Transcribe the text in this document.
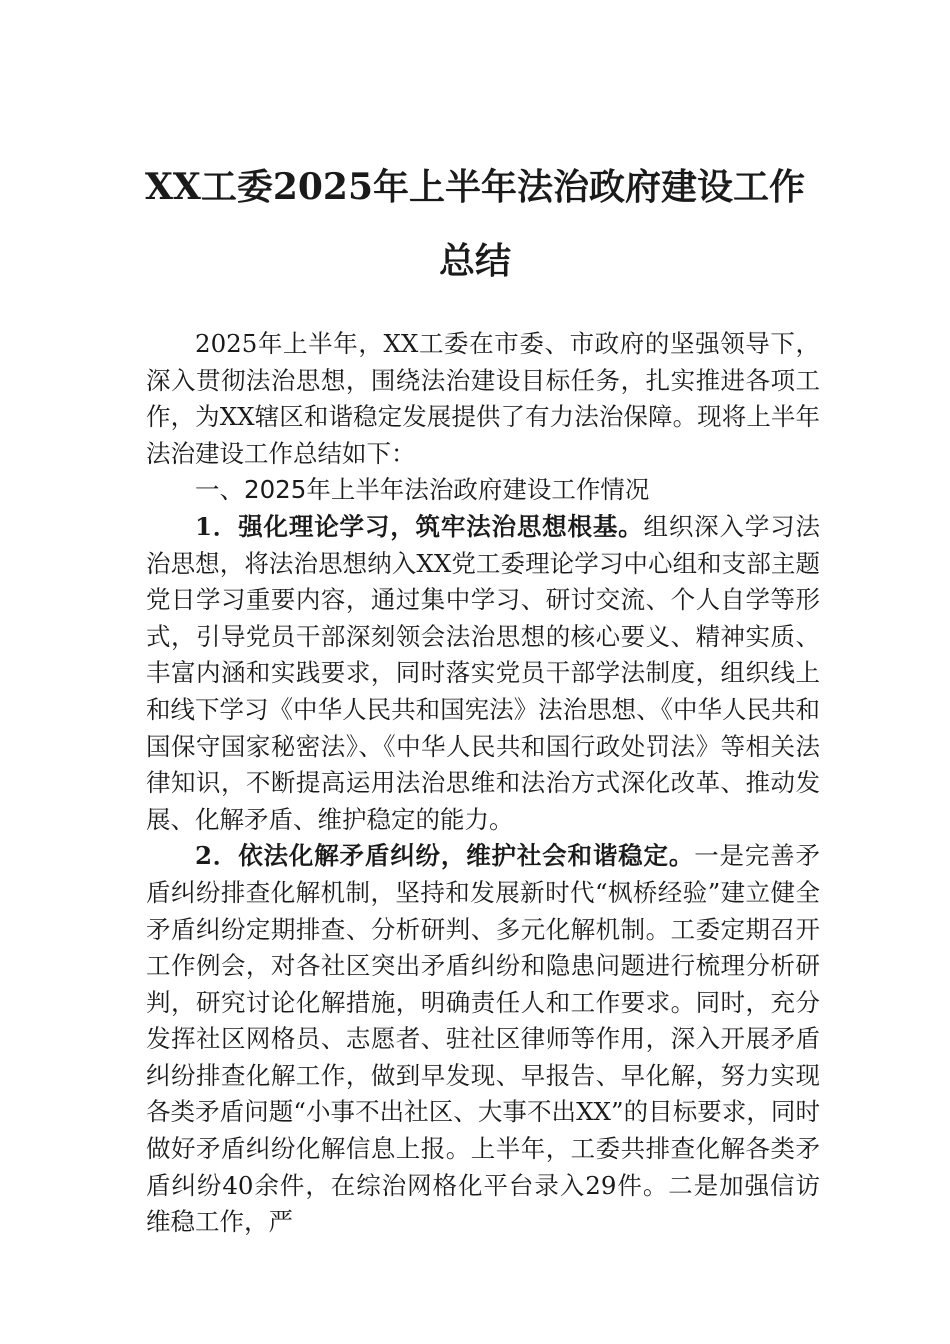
XX工委2025年上半年法治政府建设工作
总结

2025年上半年，XX工委在市委、市政府的坚强领导下，深入贯彻法治思想，围绕法治建设目标任务，扎实推进各项工作，为XX辖区和谐稳定发展提供了有力法治保障。现将上半年法治建设工作总结如下：

一、2025年上半年法治政府建设工作情况

1．强化理论学习，筑牢法治思想根基。组织深入学习法治思想，将法治思想纳入XX党工委理论学习中心组和支部主题党日学习重要内容，通过集中学习、研讨交流、个人自学等形式，引导党员干部深刻领会法治思想的核心要义、精神实质、丰富内涵和实践要求，同时落实党员干部学法制度，组织线上和线下学习《中华人民共和国宪法》法治思想、《中华人民共和国保守国家秘密法》、《中华人民共和国行政处罚法》等相关法律知识，不断提高运用法治思维和法治方式深化改革、推动发展、化解矛盾、维护稳定的能力。

2．依法化解矛盾纠纷，维护社会和谐稳定。一是完善矛盾纠纷排查化解机制，坚持和发展新时代“枫桥经验”建立健全矛盾纠纷定期排查、分析研判、多元化解机制。工委定期召开工作例会，对各社区突出矛盾纠纷和隐患问题进行梳理分析研判，研究讨论化解措施，明确责任人和工作要求。同时，充分发挥社区网格员、志愿者、驻社区律师等作用，深入开展矛盾纠纷排查化解工作，做到早发现、早报告、早化解，努力实现各类矛盾问题“小事不出社区、大事不出XX”的目标要求，同时做好矛盾纠纷化解信息上报。上半年，工委共排查化解各类矛盾纠纷40余件，在综治网格化平台录入29件。二是加强信访维稳工作，严
